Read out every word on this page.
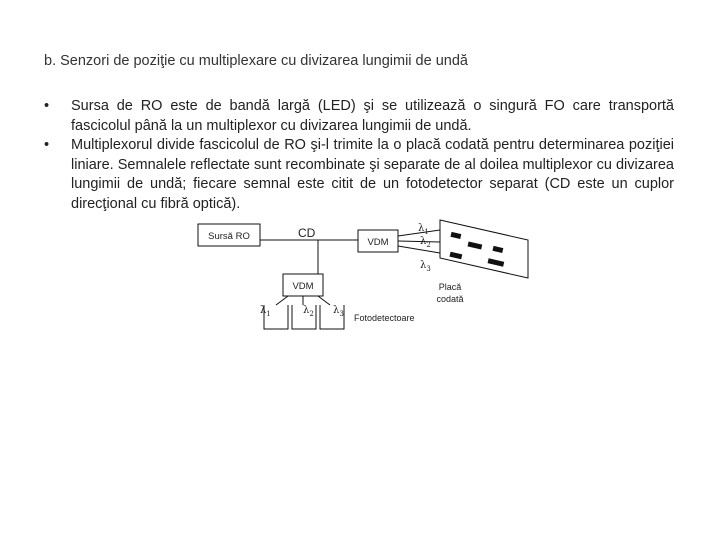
b. Senzori de poziţie cu multiplexare cu divizarea lungimii de undă
• Sursa de RO este de bandă largă (LED) şi se utilizează o singură FO care transportă fascicolul până la un multiplexor cu divizarea lungimii de undă.
• Multiplexorul divide fascicolul de RO şi-l trimite la o placă codată pentru determinarea poziţiei liniare. Semnalele reflectate sunt recombinate şi separate de al doilea multiplexor cu divizarea lungimii de undă; fiecare semnal este citit de un fotodetector separat (CD este un cuplor direcţional cu fibră optică).
Sursă RO	CD
VDM
$\lambda_1$
$\lambda_2$
$\lambda_3$
Placă
codată
VDM
$\lambda_1$	$\lambda_2$ $\lambda_3$ Fotodetectoare
